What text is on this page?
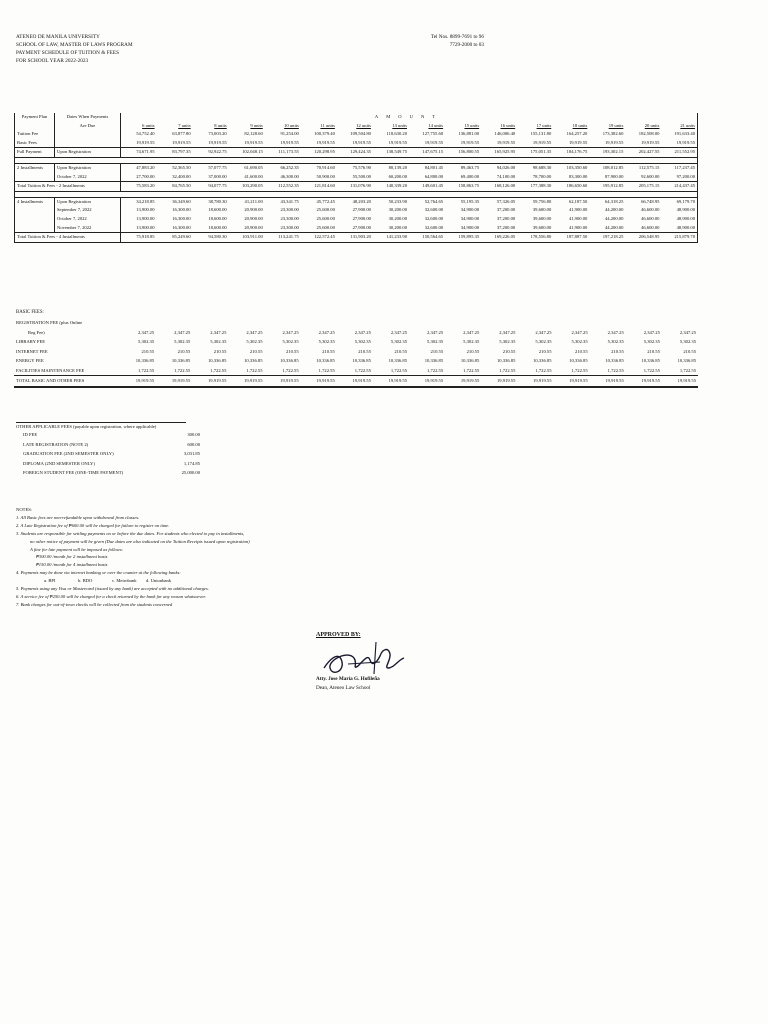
ATENEO DE MANILA UNIVERSITY
SCHOOL OF LAW, MASTER OF LAWS PROGRAM
PAYMENT SCHEDULE OF TUITION & FEES
FOR SCHOOL YEAR 2022-2023
Tel Nos. 8899-7691 to 96
7729-2000 to 03
Payment Plan	Dates When Payments	AMOUNT															
	Are Due	6 units	7 units	8 units	9 units	10 units	11 units	12 units	13 units	14 units	15 units	16 units	17 units	18 units	19 units	20 units	21 units
Tuition Fee		54,752.40	63,877.80	73,003.20	82,128.60	91,254.00	100,379.40	109,504.80	118,630.20	127,755.60	136,881.00	146,006.40	155,131.80	164,257.20	173,382.60	182,508.00	191,633.40
Basic Fees		19,919.55	19,919.55	19,919.55	19,919.55	19,919.55	19,919.55	19,919.55	19,919.55	19,919.55	19,919.55	19,919.55	19,919.55	19,919.55	19,919.55	19,919.55	19,919.55
Full Payment	Upon Registration	74,671.95	83,797.35	92,922.75	102,048.15	111,173.55	120,298.95	129,424.35	138,549.75	147,675.15	156,800.55	165,925.95	175,051.35	184,176.75	193,302.15	202,427.55	211,552.95

2 Installments	Upon Registration	47,883.20	52,365.50	57,077.75	61,690.05	66,252.35	70,914.60	75,576.90	80,139.20	84,801.45	89,463.75	94,026.00	98,688.30	103,350.60	108,012.85	112,575.15	117,237.45
	October 7, 2022	27,700.00	32,400.00	37,000.00	41,600.00	46,300.00	50,900.00	55,500.00	60,200.00	64,800.00	69,400.00	74,100.00	78,700.00	83,300.00	87,900.00	92,600.00	97,200.00
Total Tuition & Fees - 2 Installments		75,583.20	84,765.50	94,077.75	103,290.05	112,552.35	121,814.60	131,076.90	140,339.20	149,601.45	158,863.75	168,126.00	177,388.30	186,650.60	195,912.85	205,175.15	214,437.45

4 Installments	Upon Registration	34,218.85	36,349.60	38,780.30	41,211.00	43,341.75	45,772.45	48,203.20	50,233.90	52,764.65	55,195.35	57,326.05	59,756.80	62,187.50	64,318.25	66,748.95	69,179.70
	September 7, 2022	13,900.00	16,300.00	18,600.00	20,900.00	23,300.00	25,600.00	27,900.00	30,200.00	32,600.00	34,900.00	37,200.00	39,600.00	41,900.00	44,200.00	46,600.00	48,900.00
	October 7, 2022	13,900.00	16,300.00	18,600.00	20,900.00	23,300.00	25,600.00	27,900.00	30,200.00	32,600.00	34,900.00	37,200.00	39,600.00	41,900.00	44,200.00	46,600.00	48,900.00
	November 7, 2022	13,900.00	16,300.00	18,600.00	20,900.00	23,300.00	25,600.00	27,900.00	30,200.00	32,600.00	34,900.00	37,200.00	39,600.00	41,900.00	44,200.00	46,600.00	48,900.00
Total Tuition & Fees - 4 Installments		75,918.85	85,249.60	94,580.30	103,911.00	113,241.75	122,572.45	131,903.20	141,233.90	150,564.65	159,895.35	169,226.05	178,556.80	187,887.50	197,218.25	206,548.95	215,879.70
BASIC FEES:
REGISTRATION FEE (plus Online																
Reg Fee)	2,347.25	2,347.25	2,347.25	2,347.25	2,347.25	2,347.25	2,347.25	2,347.25	2,347.25	2,347.25	2,347.25	2,347.25	2,347.25	2,347.25	2,347.25	2,347.25
LIBRARY FEE	5,302.35	5,302.35	5,302.35	5,302.35	5,302.35	5,302.35	5,302.35	5,302.35	5,302.35	5,302.35	5,302.35	5,302.35	5,302.35	5,302.35	5,302.35	5,302.35
INTERNET FEE	210.55	210.55	210.55	210.55	210.55	210.55	210.55	210.55	210.55	210.55	210.55	210.55	210.55	210.55	210.55	210.55
ENERGY FEE	10,336.85	10,336.85	10,336.85	10,336.85	10,336.85	10,336.85	10,336.85	10,336.85	10,336.85	10,336.85	10,336.85	10,336.85	10,336.85	10,336.85	10,336.85	10,336.85
FACILITIES MAINTENANCE FEE	1,722.55	1,722.55	1,722.55	1,722.55	1,722.55	1,722.55	1,722.55	1,722.55	1,722.55	1,722.55	1,722.55	1,722.55	1,722.55	1,722.55	1,722.55	1,722.55
TOTAL BASIC AND OTHER FEES	19,919.55	19,919.55	19,919.55	19,919.55	19,919.55	19,919.55	19,919.55	19,919.55	19,919.55	19,919.55	19,919.55	19,919.55	19,919.55	19,919.55	19,919.55	19,919.55
OTHER APPLICABLE FEES (payable upon registration, where applicable)
ID FEE	300.00
LATE REGISTRATION (NOTE 2)	600.00
GRADUATION FEE (2ND SEMESTER ONLY)	3,031.85
DIPLOMA (2ND SEMESTER ONLY)	1,174.85
FOREIGN STUDENT FEE (ONE-TIME PAYMENT)	25,000.00
NOTES:
1. All Basic fees are non-refundable upon withdrawal from classes.
2. A Late Registration fee of ₱600.00 will be charged for failure to register on time.
3. Students are responsible for settling payments on or before the due dates. For students who elected to pay in installments,
no other notice of payment will be given (Due dates are also indicated on the Tuition Receipts issued upon registration)
A fine for late payment will be imposed as follows:
₱300.00 /month for 2 installment basis
₱150.00 /month for 4 installment basis
4. Payments may be done via internet banking or over the counter at the following banks:
a. BPI	b. BDO	c. Metrobank d. Unionbank
5. Payments using any Visa or Mastercard (issued by any bank) are accepted with no additional charges.
6. A service fee of ₱250.00 will be charged for a check returned by the bank for any reason whatsoever.
7. Bank charges for out-of-town checks will be collected from the students concerned
APPROVED BY:
Atty. Jose Maria G. Hofileña
Dean, Ateneo Law School
